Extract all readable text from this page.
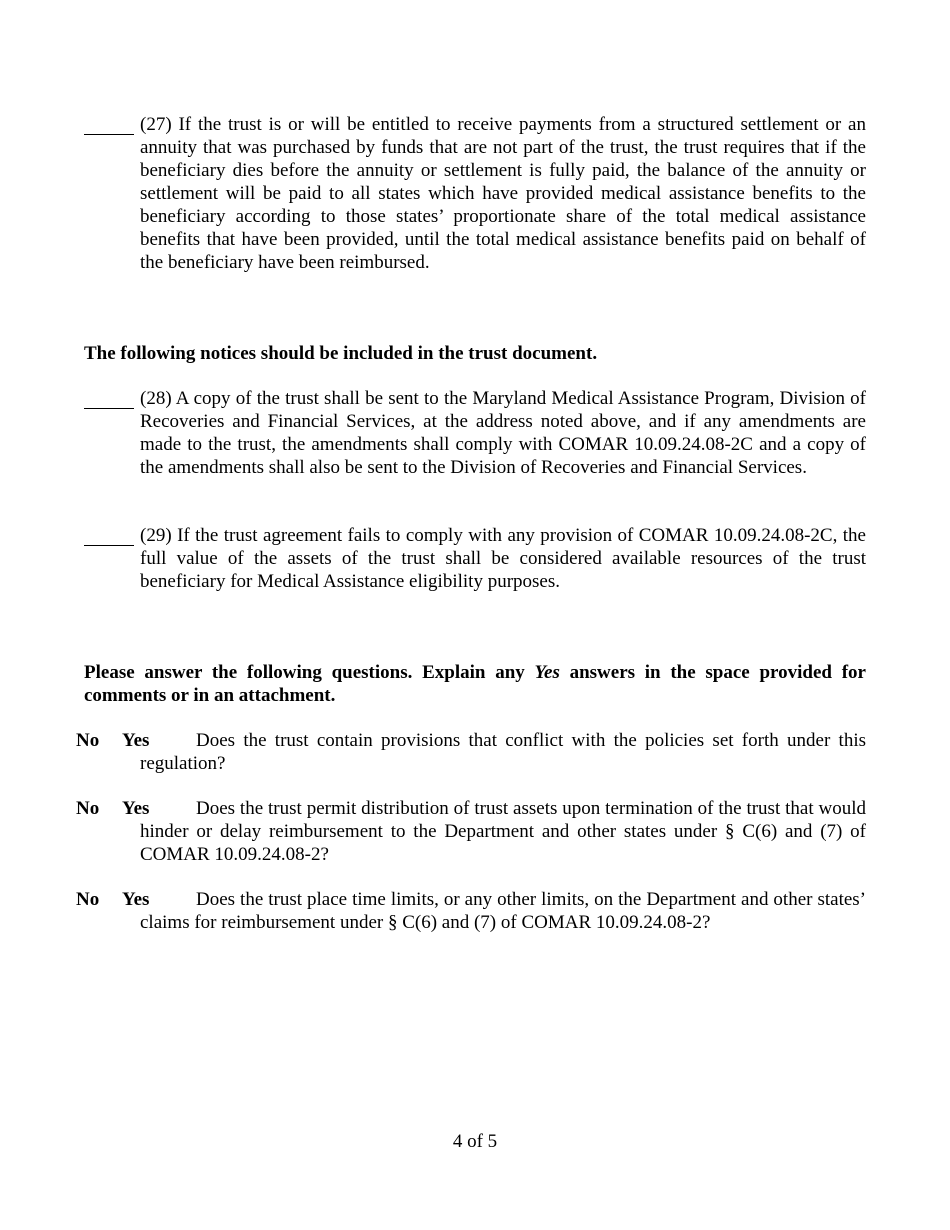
(27) If the trust is or will be entitled to receive payments from a structured settlement or an annuity that was purchased by funds that are not part of the trust, the trust requires that if the beneficiary dies before the annuity or settlement is fully paid, the balance of the annuity or settlement will be paid to all states which have provided medical assistance benefits to the beneficiary according to those states’ proportionate share of the total medical assistance benefits that have been provided, until the total medical assistance benefits paid on behalf of the beneficiary have been reimbursed.
The following notices should be included in the trust document.
(28) A copy of the trust shall be sent to the Maryland Medical Assistance Program, Division of Recoveries and Financial Services, at the address noted above, and if any amendments are made to the trust, the amendments shall comply with COMAR 10.09.24.08-2C and a copy of the amendments shall also be sent to the Division of Recoveries and Financial Services.
(29) If the trust agreement fails to comply with any provision of COMAR 10.09.24.08-2C, the full value of the assets of the trust shall be considered available resources of the trust beneficiary for Medical Assistance eligibility purposes.
Please answer the following questions. Explain any Yes answers in the space provided for comments or in an attachment.
No Yes	Does the trust contain provisions that conflict with the policies set forth under this regulation?
No Yes	Does the trust permit distribution of trust assets upon termination of the trust that would hinder or delay reimbursement to the Department and other states under § C(6) and (7) of COMAR 10.09.24.08-2?
No Yes	Does the trust place time limits, or any other limits, on the Department and other states’ claims for reimbursement under § C(6) and (7) of COMAR 10.09.24.08-2?
4 of 5
